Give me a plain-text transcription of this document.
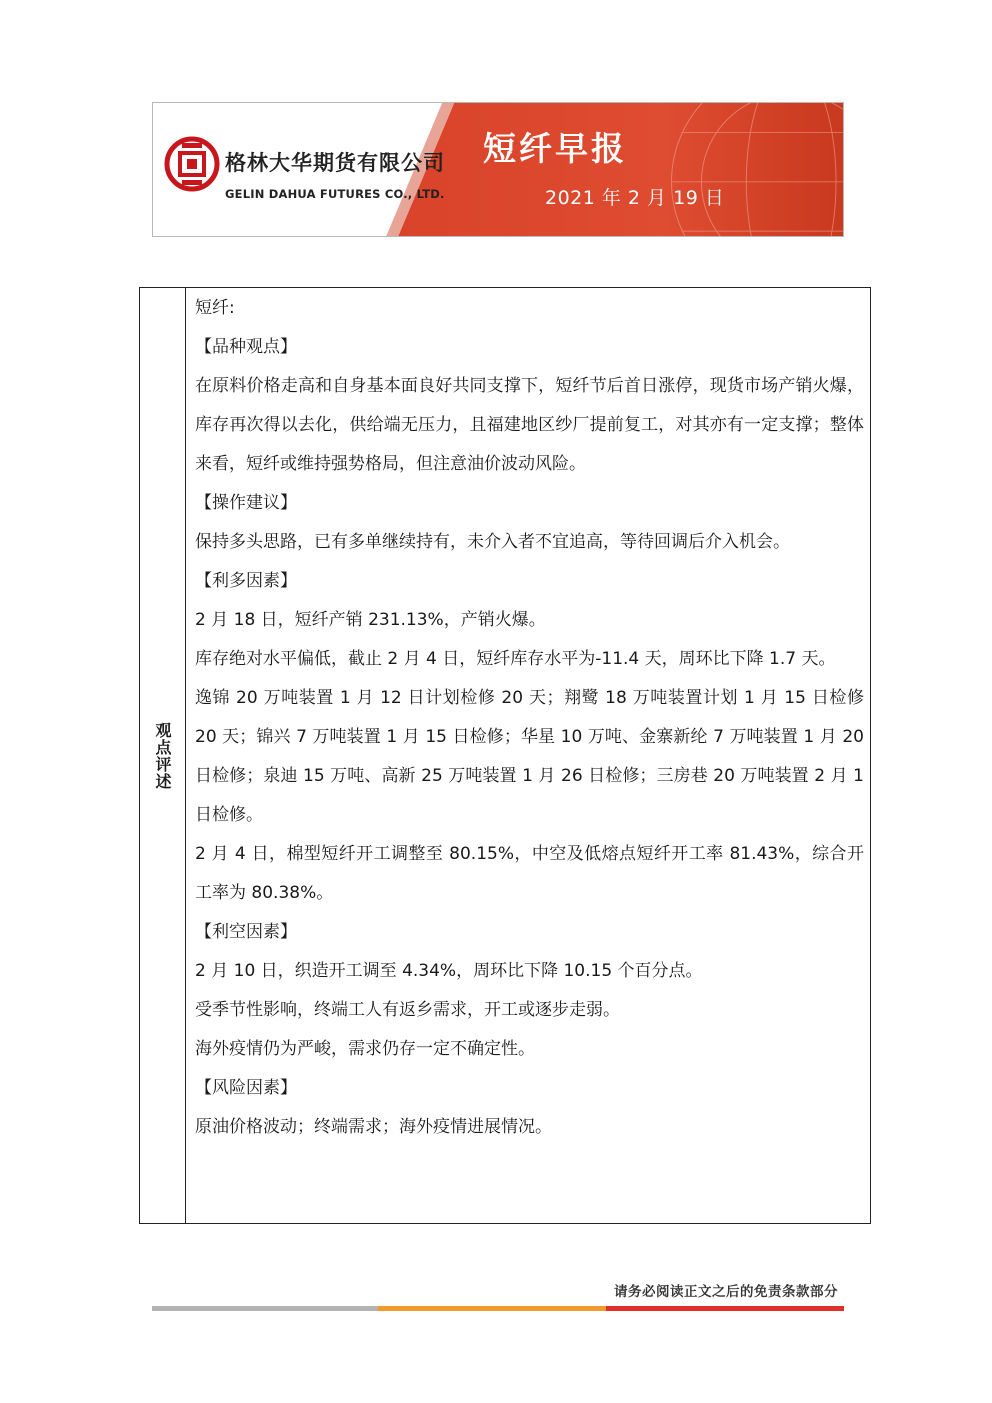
格林大华期货有限公司
GELIN DAHUA FUTURES CO., LTD.
短纤早报
2021 年 2 月 19 日
观点评述

短纤:

【 品种观点 】

在原料价格走高和自身基本面良好共同支撑下，短纤节后首日涨停，现货市场产销火爆，库存再次得以去化，供给端无压力，且福建地区纱厂提前复工，对其亦有一定支撑；整体来看，短纤或维持强势格局，但注意油价波动风险。

【 操作建议 】

保持多头思路，已有多单继续持有，未介入者不宜追高，等待回调后介入机会。

【 利多因素 】

2 月 18 日，短纤产销 231.13%，产销火爆。

库存绝对水平偏低，截止 2 月 4 日，短纤库存水平为-11.4 天，周环比下降 1.7 天。

逸锦 20 万吨装置 1 月 12 日计划检修 20 天；翔鹭 18 万吨装置计划 1 月 15 日检修 20 天；锦兴 7 万吨装置 1 月 15 日检修；华星 10 万吨、金寨新纶 7 万吨装置 1 月 20 日检修；泉迪 15 万吨、高新 25 万吨装置 1 月 26 日检修；三房巷 20 万吨装置 2 月 1 日检修。

2 月 4 日，棉型短纤开工调整至 80.15%，中空及低熔点短纤开工率 81.43%，综合开工率为 80.38%。

【 利空因素 】

2 月 10 日，织造开工调至 4.34%，周环比下降 10.15 个百分点。

受季节性影响，终端工人有返乡需求，开工或逐步走弱。

海外疫情仍为严峻，需求仍存一定不确定性。

【 风险因素 】

原油价格波动；终端需求；海外疫情进展情况。

请务必阅读正文之后的免责条款部分
